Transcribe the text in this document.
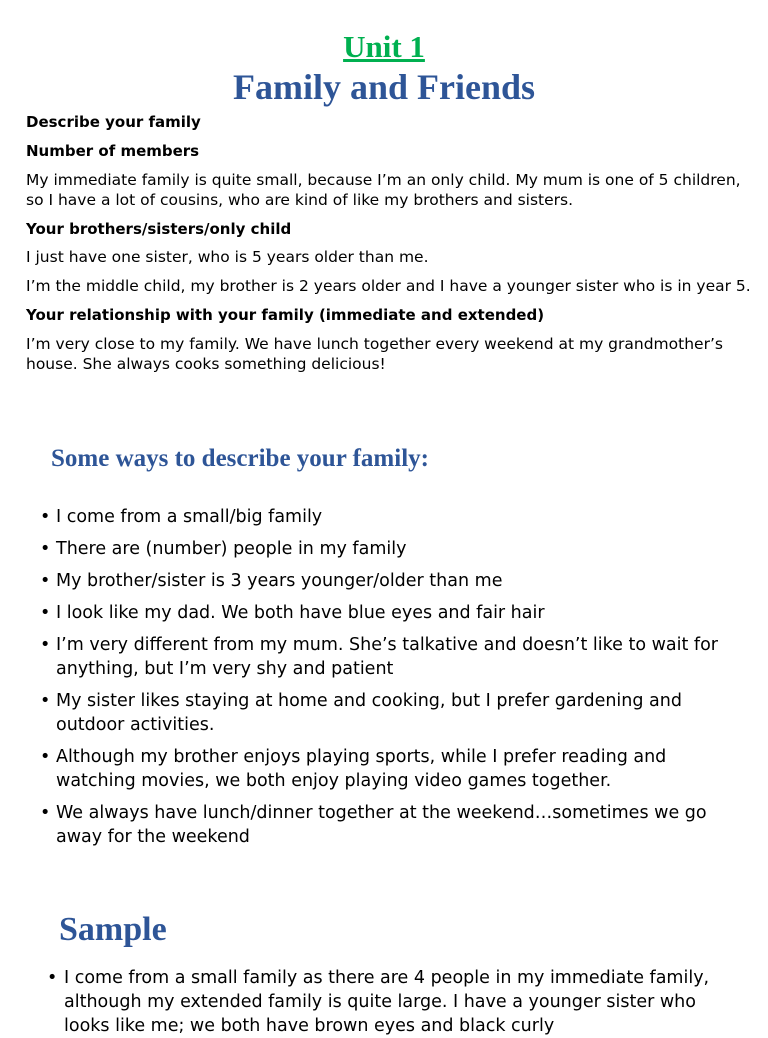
Unit 1
Family and Friends
Describe your family
Number of members
My immediate family is quite small, because I’m an only child. My mum is one of 5 children, so I have a lot of cousins, who are kind of like my brothers and sisters.
Your brothers/sisters/only child
I just have one sister, who is 5 years older than me.
I’m the middle child, my brother is 2 years older and I have a younger sister who is in year 5.
Your relationship with your family (immediate and extended)
I’m very close to my family. We have lunch together every weekend at my grandmother’s house. She always cooks something delicious!
Some ways to describe your family:
• I come from a small/big family
• There are (number) people in my family
• My brother/sister is 3 years younger/older than me
• I look like my dad. We both have blue eyes and fair hair
• I’m very different from my mum. She’s talkative and doesn’t like to wait for anything, but I’m very shy and patient
• My sister likes staying at home and cooking, but I prefer gardening and outdoor activities.
• Although my brother enjoys playing sports, while I prefer reading and watching movies, we both enjoy playing video games together.
• We always have lunch/dinner together at the weekend…sometimes we go away for the weekend
Sample
• I come from a small family as there are 4 people in my immediate family, although my extended family is quite large. I have a younger sister who looks like me; we both have brown eyes and black curly
